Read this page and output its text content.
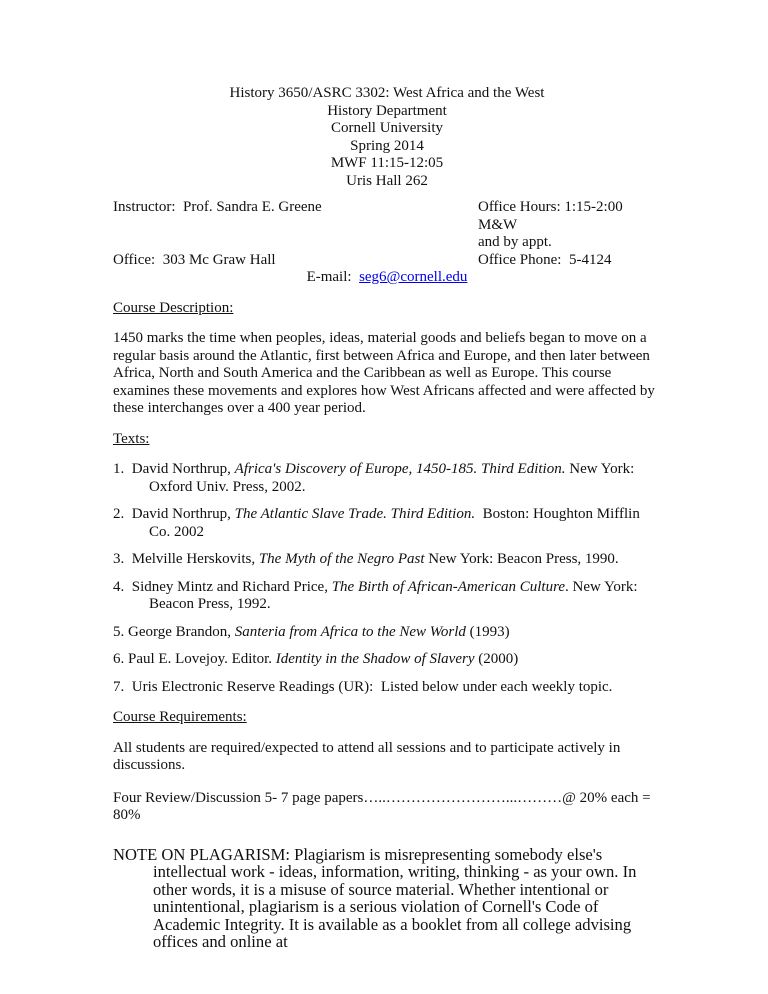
History 3650/ASRC 3302: West Africa and the West
History Department
Cornell University
Spring 2014
MWF 11:15-12:05
Uris Hall 262
Instructor:  Prof. Sandra E. Greene	Office Hours: 1:15-2:00 M&W
and by appt.
Office:  303 Mc Graw Hall	Office Phone:  5-4124
E-mail:  seg6@cornell.edu
Course Description:
1450 marks the time when peoples, ideas, material goods and beliefs began to move on a regular basis around the Atlantic, first between Africa and Europe, and then later between Africa, North and South America and the Caribbean as well as Europe. This course examines these movements and explores how West Africans affected and were affected by these interchanges over a 400 year period.
Texts:
1.  David Northrup, Africa's Discovery of Europe, 1450-185. Third Edition. New York: Oxford Univ. Press, 2002.
2.  David Northrup, The Atlantic Slave Trade. Third Edition.  Boston: Houghton Mifflin Co. 2002
3.  Melville Herskovits, The Myth of the Negro Past New York: Beacon Press, 1990.
4.  Sidney Mintz and Richard Price, The Birth of African-American Culture. New York: Beacon Press, 1992.
5. George Brandon, Santeria from Africa to the New World (1993)
6. Paul E. Lovejoy. Editor. Identity in the Shadow of Slavery (2000)
7.  Uris Electronic Reserve Readings (UR):  Listed below under each weekly topic.
Course Requirements:
All students are required/expected to attend all sessions and to participate actively in discussions.
Four Review/Discussion 5- 7 page papers…..……………………...………@ 20% each = 80%
NOTE ON PLAGARISM: Plagiarism is misrepresenting somebody else's intellectual work - ideas, information, writing, thinking - as your own. In other words, it is a misuse of source material. Whether intentional or unintentional, plagiarism is a serious violation of Cornell's Code of Academic Integrity. It is available as a booklet from all college advising offices and online at
